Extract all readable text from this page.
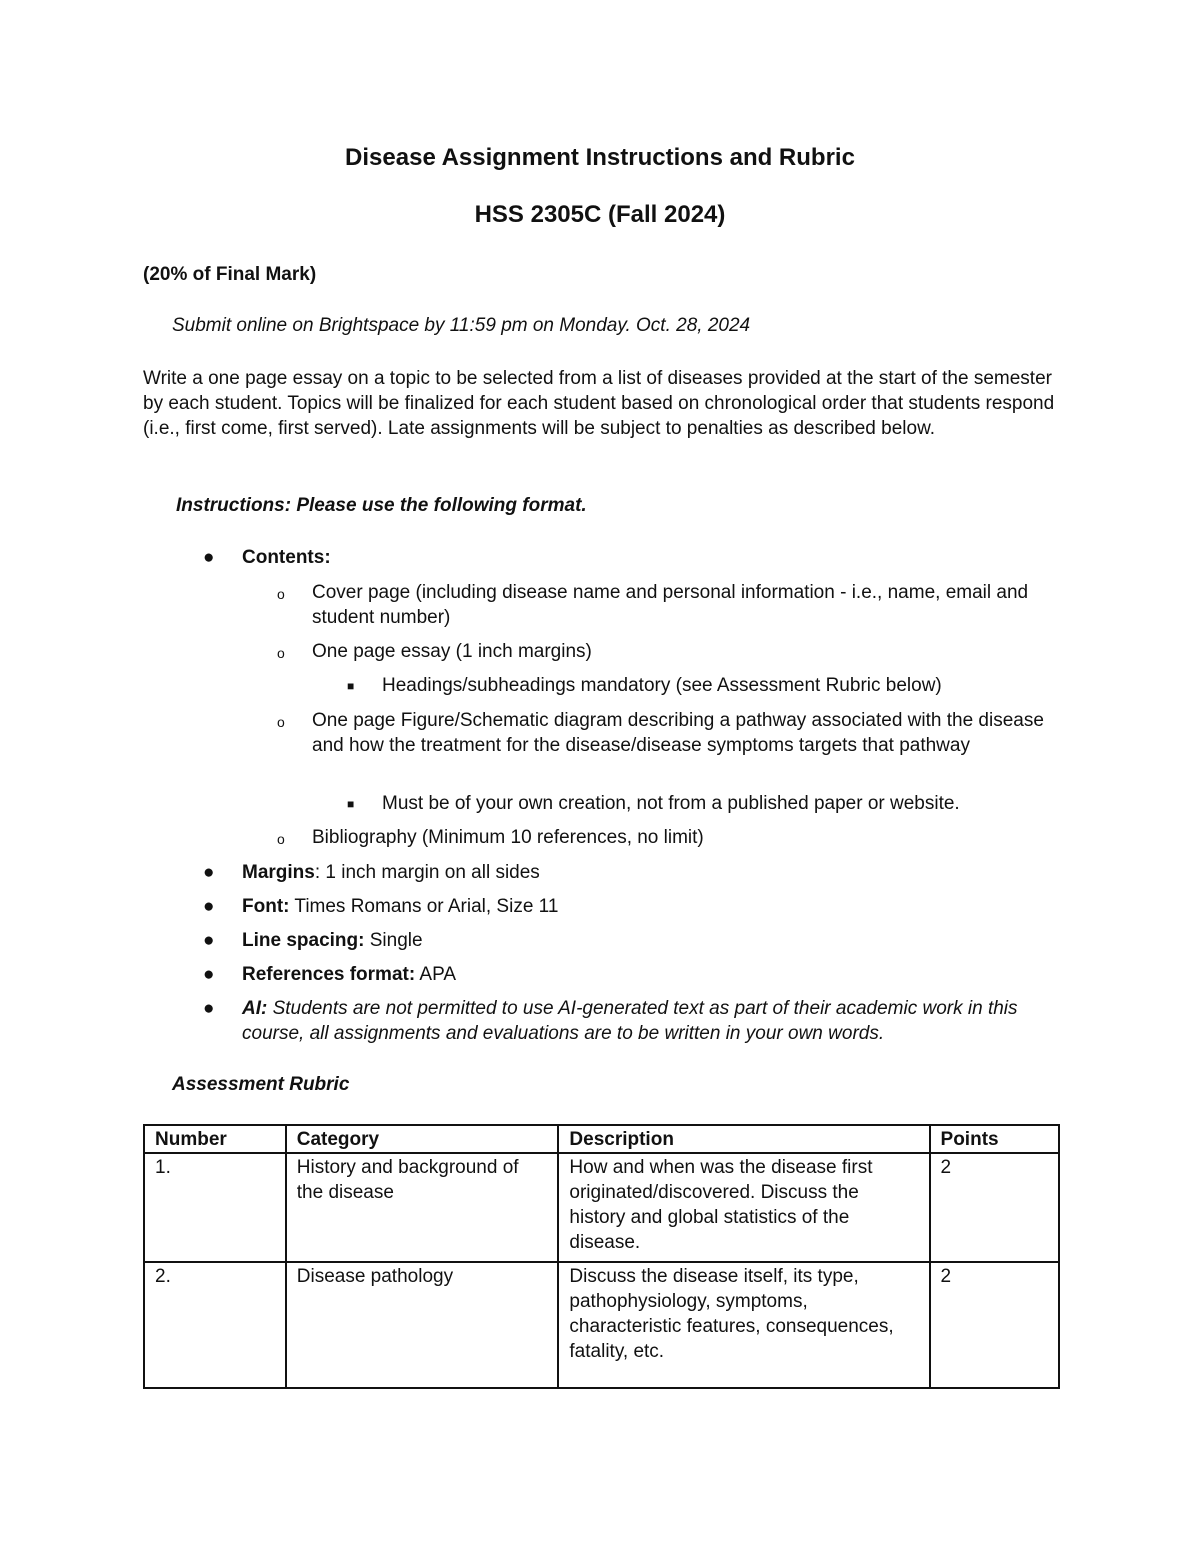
Disease Assignment Instructions and Rubric
HSS 2305C (Fall 2024)
(20% of Final Mark)
Submit online on Brightspace by 11:59 pm on Monday. Oct. 28, 2024
Write a one page essay on a topic to be selected from a list of diseases provided at the start of the semester by each student. Topics will be finalized for each student based on chronological order that students respond (i.e., first come, first served). Late assignments will be subject to penalties as described below.
Instructions: Please use the following format.
● Contents:
o Cover page (including disease name and personal information - i.e., name, email and student number)
o One page essay (1 inch margins)
■ Headings/subheadings mandatory (see Assessment Rubric below)
o One page Figure/Schematic diagram describing a pathway associated with the disease and how the treatment for the disease/disease symptoms targets that pathway
■ Must be of your own creation, not from a published paper or website.
o Bibliography (Minimum 10 references, no limit)
● Margins: 1 inch margin on all sides
● Font: Times Romans or Arial, Size 11
● Line spacing: Single
● References format: APA
● AI: Students are not permitted to use AI-generated text as part of their academic work in this course, all assignments and evaluations are to be written in your own words.
Assessment Rubric
Number	Category	Description	Points
1.	History and background of the disease	How and when was the disease first originated/discovered. Discuss the history and global statistics of the disease.	2
2.	Disease pathology	Discuss the disease itself, its type, pathophysiology, symptoms, characteristic features, consequences, fatality, etc.	2
